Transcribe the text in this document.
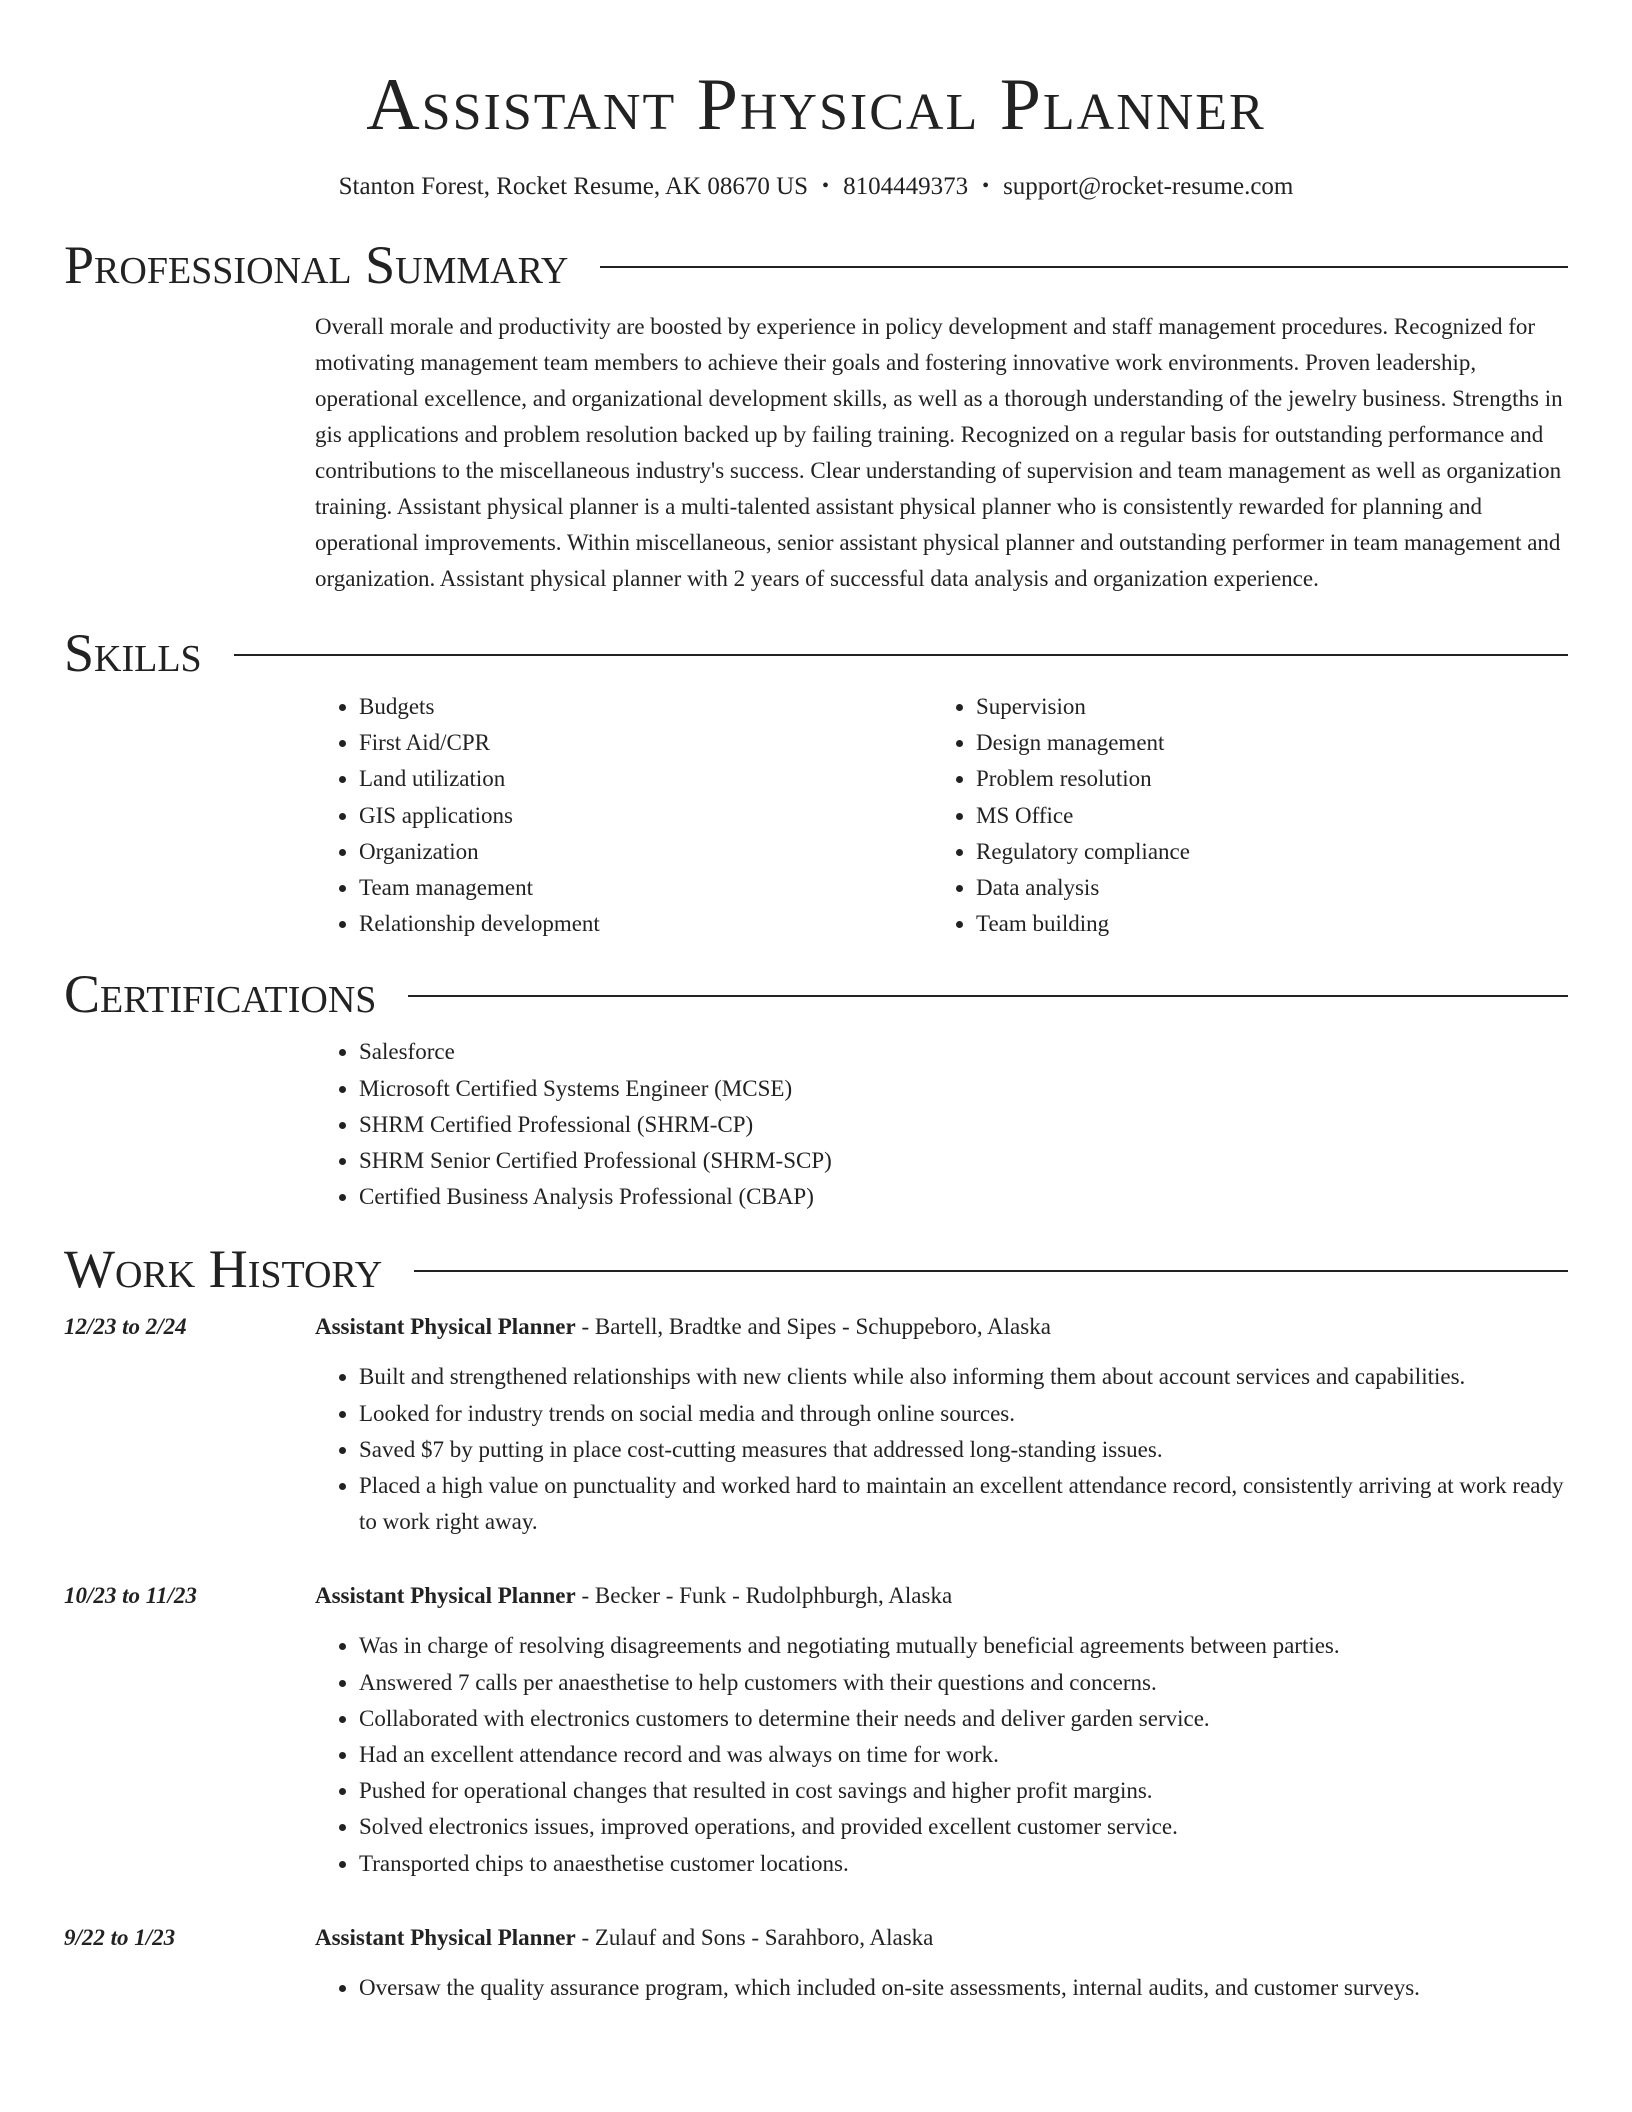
Assistant Physical Planner
Stanton Forest, Rocket Resume, AK 08670 US • 8104449373 • support@rocket-resume.com
Professional Summary

Overall morale and productivity are boosted by experience in policy development and staff management procedures. Recognized for motivating management team members to achieve their goals and fostering innovative work environments. Proven leadership, operational excellence, and organizational development skills, as well as a thorough understanding of the jewelry business. Strengths in gis applications and problem resolution backed up by failing training. Recognized on a regular basis for outstanding performance and contributions to the miscellaneous industry's success. Clear understanding of supervision and team management as well as organization training. Assistant physical planner is a multi-talented assistant physical planner who is consistently rewarded for planning and operational improvements. Within miscellaneous, senior assistant physical planner and outstanding performer in team management and organization. Assistant physical planner with 2 years of successful data analysis and organization experience.

Skills
• Budgets
• First Aid/CPR
• Land utilization
• GIS applications
• Organization
• Team management
• Relationship development
• Supervision
• Design management
• Problem resolution
• MS Office
• Regulatory compliance
• Data analysis
• Team building
Certifications
• Salesforce
• Microsoft Certified Systems Engineer (MCSE)
• SHRM Certified Professional (SHRM-CP)
• SHRM Senior Certified Professional (SHRM-SCP)
• Certified Business Analysis Professional (CBAP)
Work History
12/23 to 2/24	Assistant Physical Planner - Bartell, Bradtke and Sipes - Schuppeboro, Alaska
• Built and strengthened relationships with new clients while also informing them about account services and capabilities.
• Looked for industry trends on social media and through online sources.
• Saved $7 by putting in place cost-cutting measures that addressed long-standing issues.
• Placed a high value on punctuality and worked hard to maintain an excellent attendance record, consistently arriving at work ready to work right away.
10/23 to 11/23	Assistant Physical Planner - Becker - Funk - Rudolphburgh, Alaska
• Was in charge of resolving disagreements and negotiating mutually beneficial agreements between parties.
• Answered 7 calls per anaesthetise to help customers with their questions and concerns.
• Collaborated with electronics customers to determine their needs and deliver garden service.
• Had an excellent attendance record and was always on time for work.
• Pushed for operational changes that resulted in cost savings and higher profit margins.
• Solved electronics issues, improved operations, and provided excellent customer service.
• Transported chips to anaesthetise customer locations.
9/22 to 1/23	Assistant Physical Planner - Zulauf and Sons - Sarahboro, Alaska
• Oversaw the quality assurance program, which included on-site assessments, internal audits, and customer surveys.
